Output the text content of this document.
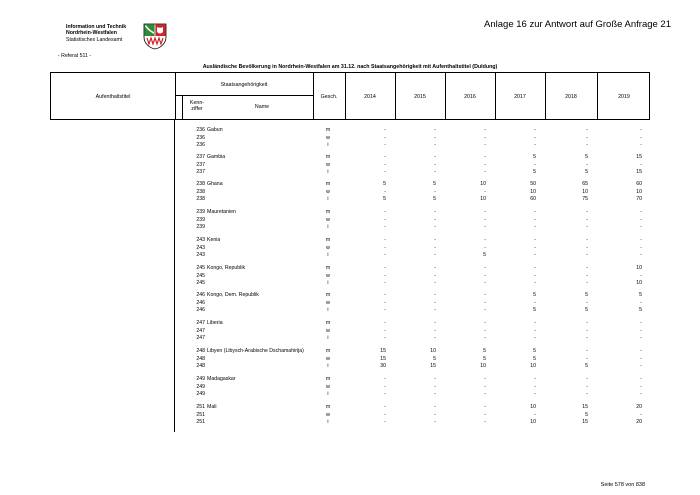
Information und Technik
Nordrhein-Westfalen
Statistisches Landesamt
Anlage 16 zur Antwort auf Große Anfrage 21
- Referat 511 -
Ausländische Bevölkerung in Nordrhein-Westfalen am 31.12. nach Staatsangehörigkeit mit Aufenthaltstitel (Duldung)
Aufenthaltstitel
Staatsangehörigkeit
Kenn-
ziffer	Name
Gesch.	2014	2015	2016	2017	2018	2019
236 Gabun	m	-	-	-	-	-	-
236	w	-	-	-	-	-	-
236	i	-	-	-	-	-	-
237 Gambia	m	-	-	-	5	5	15
237	w	-	-	-	-	-	-
237	i	-	-	-	5	5	15
238 Ghana	m	5	5	10	50	65	60
238	w	-	-	-	10	10	10
238	i	5	5	10	60	75	70
239 Mauretanien	m	-	-	-	-	-	-
239	w	-	-	-	-	-	-
239	i	-	-	-	-	-	-
243 Kenia	m	-	-	-	-	-	-
243	w	-	-	-	-	-	-
243	i	-	-	5	-	-	-
245 Kongo, Republik	m	-	-	-	-	-	10
245	w	-	-	-	-	-	-
245	i	-	-	-	-	-	10
246 Kongo, Dem. Republik	m	-	-	-	5	5	5
246	w	-	-	-	-	-	-
246	i	-	-	-	5	5	5
247 Liberia	m	-	-	-	-	-	-
247	w	-	-	-	-	-	-
247	i	-	-	-	-	-	-
248 Libyen (Libysch-Arabische Dschamahirija)	m	15	10	5	5	-	-
248	w	15	5	5	5	-	-
248	i	30	15	10	10	5	-
249 Madagaskar	m	-	-	-	-	-	-
249	w	-	-	-	-	-	-
249	i	-	-	-	-	-	-
251 Mali	m	-	-	-	10	15	20
251	w	-	-	-	-	5	-
251	i	-	-	-	10	15	20
Seite 578 von 838
